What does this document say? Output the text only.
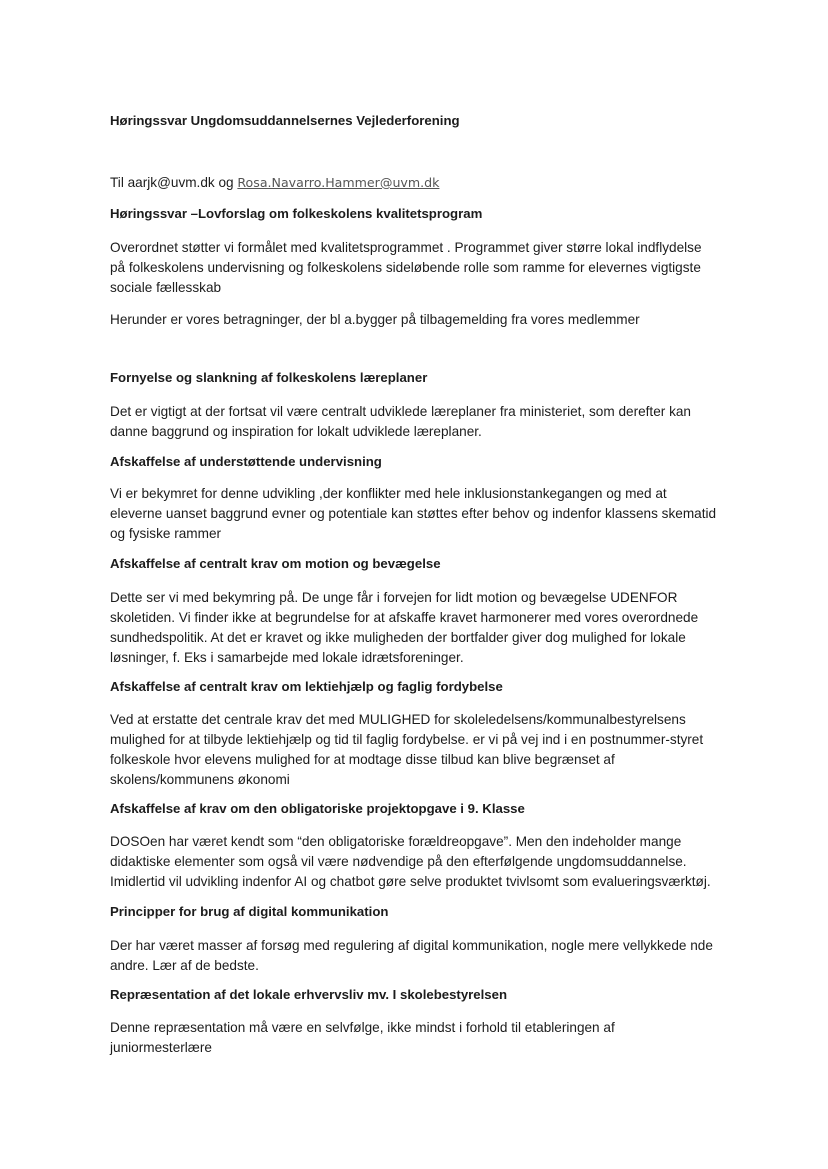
Høringssvar Ungdomsuddannelsernes Vejlederforening

Til aarjk@uvm.dk og Rosa.Navarro.Hammer@uvm.dk

Høringssvar –Lovforslag om folkeskolens kvalitetsprogram

Overordnet støtter vi formålet med kvalitetsprogrammet . Programmet giver større lokal indflydelse

på folkeskolens undervisning og folkeskolens sideløbende rolle som ramme for elevernes vigtigste

sociale fællesskab

Herunder er vores betragninger, der bl a.bygger på tilbagemelding fra vores medlemmer

Fornyelse og slankning af folkeskolens læreplaner

Det er vigtigt at der fortsat vil være centralt udviklede læreplaner fra ministeriet, som derefter kan

danne baggrund og inspiration for lokalt udviklede læreplaner.

Afskaffelse af understøttende undervisning

Vi er bekymret for denne udvikling ,der konflikter med hele inklusionstankegangen og med at

eleverne uanset baggrund evner og potentiale kan støttes efter behov og indenfor klassens skematid

og fysiske rammer

Afskaffelse af centralt krav om motion og bevægelse

Dette ser vi med bekymring på. De unge får i forvejen for lidt motion og bevægelse UDENFOR

skoletiden. Vi finder ikke at begrundelse for at afskaffe kravet harmonerer med vores overordnede

sundhedspolitik. At det er kravet og ikke muligheden der bortfalder giver dog mulighed for lokale

løsninger, f. Eks i samarbejde med lokale idrætsforeninger.

Afskaffelse af centralt krav om lektiehjælp og faglig fordybelse

Ved at erstatte det centrale krav det med MULIGHED for skoleledelsens/kommunalbestyrelsens

mulighed for at tilbyde lektiehjælp og tid til faglig fordybelse. er vi på vej ind i en postnummer-styret

folkeskole hvor elevens mulighed for at modtage disse tilbud kan blive begrænset af

skolens/kommunens økonomi

Afskaffelse af krav om den obligatoriske projektopgave i 9. Klasse

DOSOen har været kendt som “den obligatoriske forældreopgave”. Men den indeholder mange

didaktiske elementer som også vil være nødvendige på den efterfølgende ungdomsuddannelse.

Imidlertid vil udvikling indenfor AI og chatbot gøre selve produktet tvivlsomt som evalueringsværktøj.

Principper for brug af digital kommunikation

Der har været masser af forsøg med regulering af digital kommunikation, nogle mere vellykkede nde

andre. Lær af de bedste.

Repræsentation af det lokale erhvervsliv mv. I skolebestyrelsen

Denne repræsentation må være en selvfølge, ikke mindst i forhold til etableringen af

juniormesterlære
